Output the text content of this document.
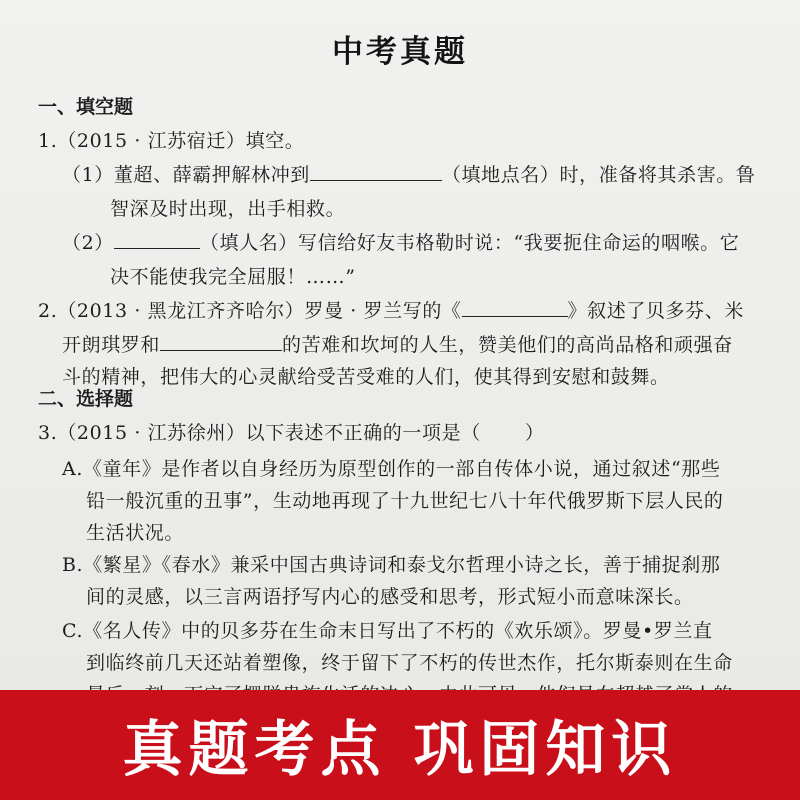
中考真题
一、填空题
1.（2015 · 江苏宿迁）填空。
（1）董超、薛霸押解林冲到	（填地点名）时，准备将其杀害。鲁
智深及时出现，出手相救。
（2）	（填人名）写信给好友韦格勒时说：“我要扼住命运的咽喉。它
决不能使我完全屈服！……”
2.（2013 · 黑龙江齐齐哈尔）罗曼 · 罗兰写的《	》叙述了贝多芬、米
开朗琪罗和	的苦难和坎坷的人生，赞美他们的高尚品格和顽强奋
斗的精神，把伟大的心灵献给受苦受难的人们，使其得到安慰和鼓舞。
二、选择题
3.（2015 · 江苏徐州）以下表述不正确的一项是（ ）
A.《童年》是作者以自身经历为原型创作的一部自传体小说，通过叙述“那些
铅一般沉重的丑事”，生动地再现了十九世纪七八十年代俄罗斯下层人民的
生活状况。
B.《繁星》《春水》兼采中国古典诗词和泰戈尔哲理小诗之长，善于捕捉刹那
间的灵感，以三言两语抒写内心的感受和思考，形式短小而意味深长。
C.《名人传》中的贝多芬在生命末日写出了不朽的《欢乐颂》。罗曼•罗兰直
到临终前几天还站着塑像，终于留下了不朽的传世杰作，托尔斯泰则在生命
真题考点 巩固知识
